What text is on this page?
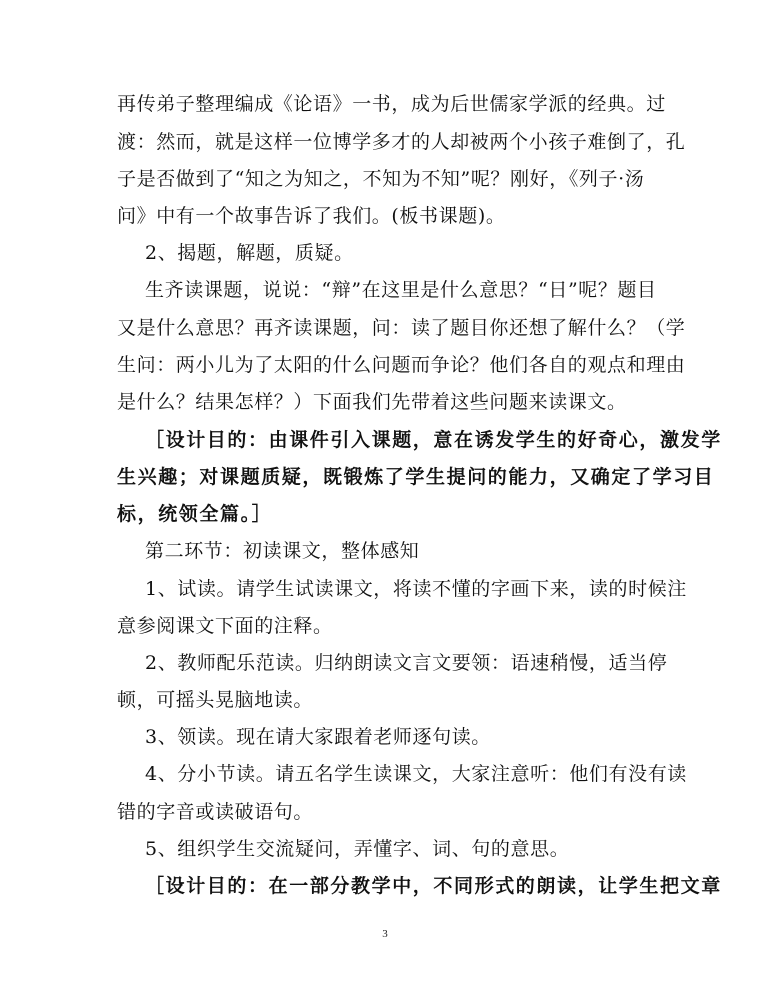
再传弟子整理编成《论语》一书，成为后世儒家学派的经典。过
渡：然而，就是这样一位博学多才的人却被两个小孩子难倒了，孔
子是否做到了“知之为知之，不知为不知”呢？刚好，《列子·汤
问》中有一个故事告诉了我们。(板书课题)。
2、揭题，解题，质疑。
生齐读课题，说说：“辩”在这里是什么意思？“日”呢？题目
又是什么意思？再齐读课题，问：读了题目你还想了解什么？（学
生问：两小儿为了太阳的什么问题而争论？他们各自的观点和理由
是什么？结果怎样？）下面我们先带着这些问题来读课文。
［设计目的：由课件引入课题，意在诱发学生的好奇心，激发学
生兴趣；对课题质疑，既锻炼了学生提问的能力，又确定了学习目
标，统领全篇。］
第二环节：初读课文，整体感知
1、试读。请学生试读课文，将读不懂的字画下来，读的时候注
意参阅课文下面的注释。
2、教师配乐范读。归纳朗读文言文要领：语速稍慢，适当停
顿，可摇头晃脑地读。
3、领读。现在请大家跟着老师逐句读。
4、分小节读。请五名学生读课文，大家注意听：他们有没有读
错的字音或读破语句。
5、组织学生交流疑问，弄懂字、词、句的意思。
［设计目的：在一部分教学中，不同形式的朗读，让学生把文章
3
